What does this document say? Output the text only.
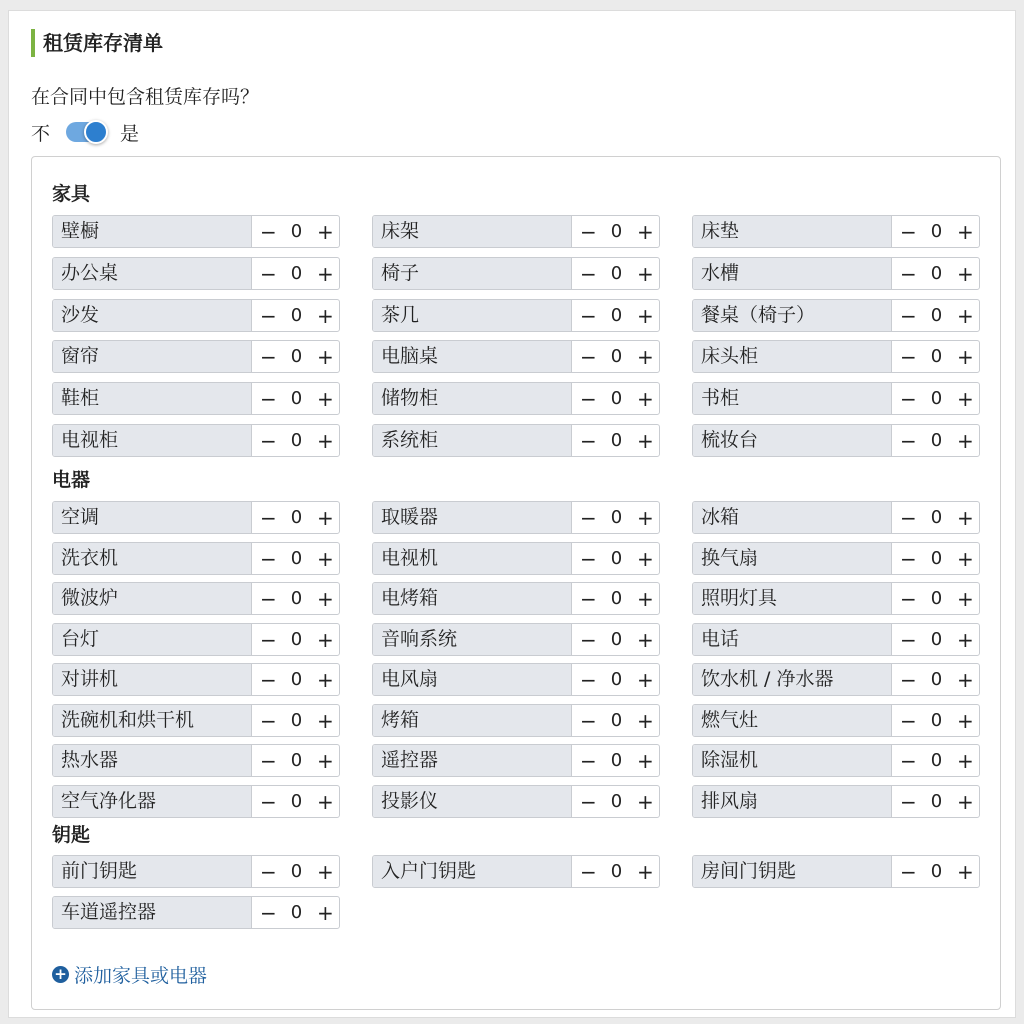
租赁库存清单
在合同中包含租赁库存吗？
不	是
+ 添加家具或电器
家具
壁橱	− 0 +	床架	− 0 +	床垫	− 0 +
办公桌	− 0 +	椅子	− 0 +	水槽	− 0 +
沙发	− 0 +	茶几	− 0 +	餐桌（椅子）	− 0 +
窗帘	− 0 +	电脑桌	− 0 +	床头柜	− 0 +
鞋柜	− 0 +	储物柜	− 0 +	书柜	− 0 +
电视柜	− 0 +	系统柜	− 0 +	梳妆台	− 0 +
电器
空调	− 0 +	取暖器	− 0 +	冰箱	− 0 +
洗衣机	− 0 +	电视机	− 0 +	换气扇	− 0 +
微波炉	− 0 +	电烤箱	− 0 +	照明灯具	− 0 +
台灯	− 0 +	音响系统	− 0 +	电话	− 0 +
对讲机	− 0 +	电风扇	− 0 +	饮水机 / 净水器	− 0 +
洗碗机和烘干机	− 0 +	烤箱	− 0 +	燃气灶	− 0 +
热水器	− 0 +	遥控器	− 0 +	除湿机	− 0 +
空气净化器	− 0 +	投影仪	− 0 +	排风扇	− 0 +
钥匙
前门钥匙	− 0 +	入户门钥匙	− 0 +	房间门钥匙	− 0 +
车道遥控器	− 0 +
